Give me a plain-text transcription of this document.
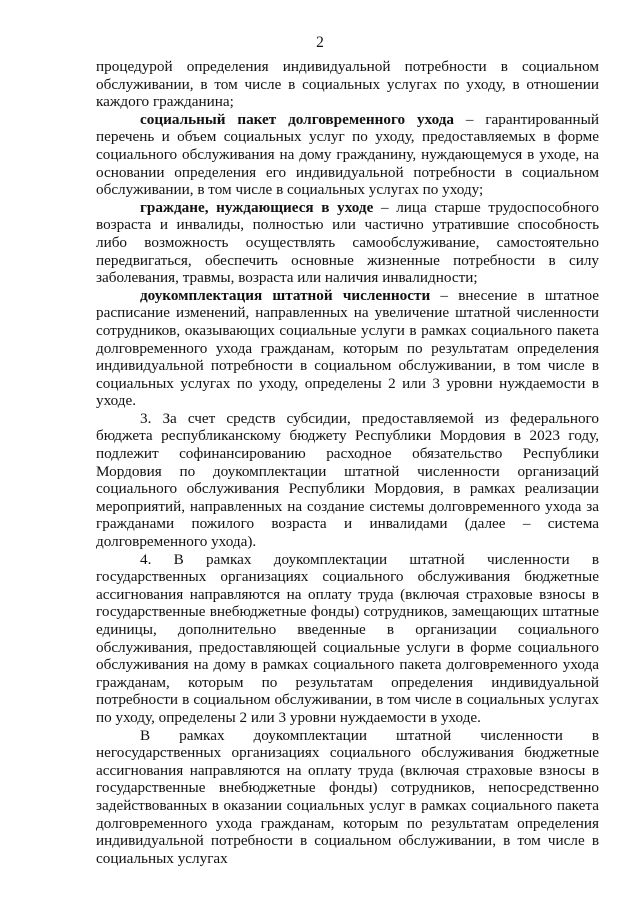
2

процедурой определения индивидуальной потребности в социальном обслуживании, в том числе в социальных услугах по уходу, в отношении каждого гражданина;

социальный пакет долговременного ухода – гарантированный перечень и объем социальных услуг по уходу, предоставляемых в форме социального обслуживания на дому гражданину, нуждающемуся в уходе, на основании определения его индивидуальной потребности в социальном обслуживании, в том числе в социальных услугах по уходу;

граждане, нуждающиеся в уходе – лица старше трудоспособного возраста и инвалиды, полностью или частично утратившие способность либо возможность осуществлять самообслуживание, самостоятельно передвигаться, обеспечить основные жизненные потребности в силу заболевания, травмы, возраста или наличия инвалидности;

доукомплектация штатной численности – внесение в штатное расписание изменений, направленных на увеличение штатной численности сотрудников, оказывающих социальные услуги в рамках социального пакета долговременного ухода гражданам, которым по результатам определения индивидуальной потребности в социальном обслуживании, в том числе в социальных услугах по уходу, определены 2 или 3 уровни нуждаемости в уходе.

3. За счет средств субсидии, предоставляемой из федерального бюджета республиканскому бюджету Республики Мордовия в 2023 году, подлежит софинансированию расходное обязательство Республики Мордовия по доукомплектации штатной численности организаций социального обслуживания Республики Мордовия, в рамках реализации мероприятий, направленных на создание системы долговременного ухода за гражданами пожилого возраста и инвалидами (далее – система долговременного ухода).

4. В рамках доукомплектации штатной численности в государственных организациях социального обслуживания бюджетные ассигнования направляются на оплату труда (включая страховые взносы в государственные внебюджетные фонды) сотрудников, замещающих штатные единицы, дополнительно введенные в организации социального обслуживания, предоставляющей социальные услуги в форме социального обслуживания на дому в рамках социального пакета долговременного ухода гражданам, которым по результатам определения индивидуальной потребности в социальном обслуживании, в том числе в социальных услугах по уходу, определены 2 или 3 уровни нуждаемости в уходе.

В рамках доукомплектации штатной численности в негосударственных организациях социального обслуживания бюджетные ассигнования направляются на оплату труда (включая страховые взносы в государственные внебюджетные фонды) сотрудников, непосредственно задействованных в оказании социальных услуг в рамках социального пакета долговременного ухода гражданам, которым по результатам определения индивидуальной потребности в социальном обслуживании, в том числе в социальных услугах
